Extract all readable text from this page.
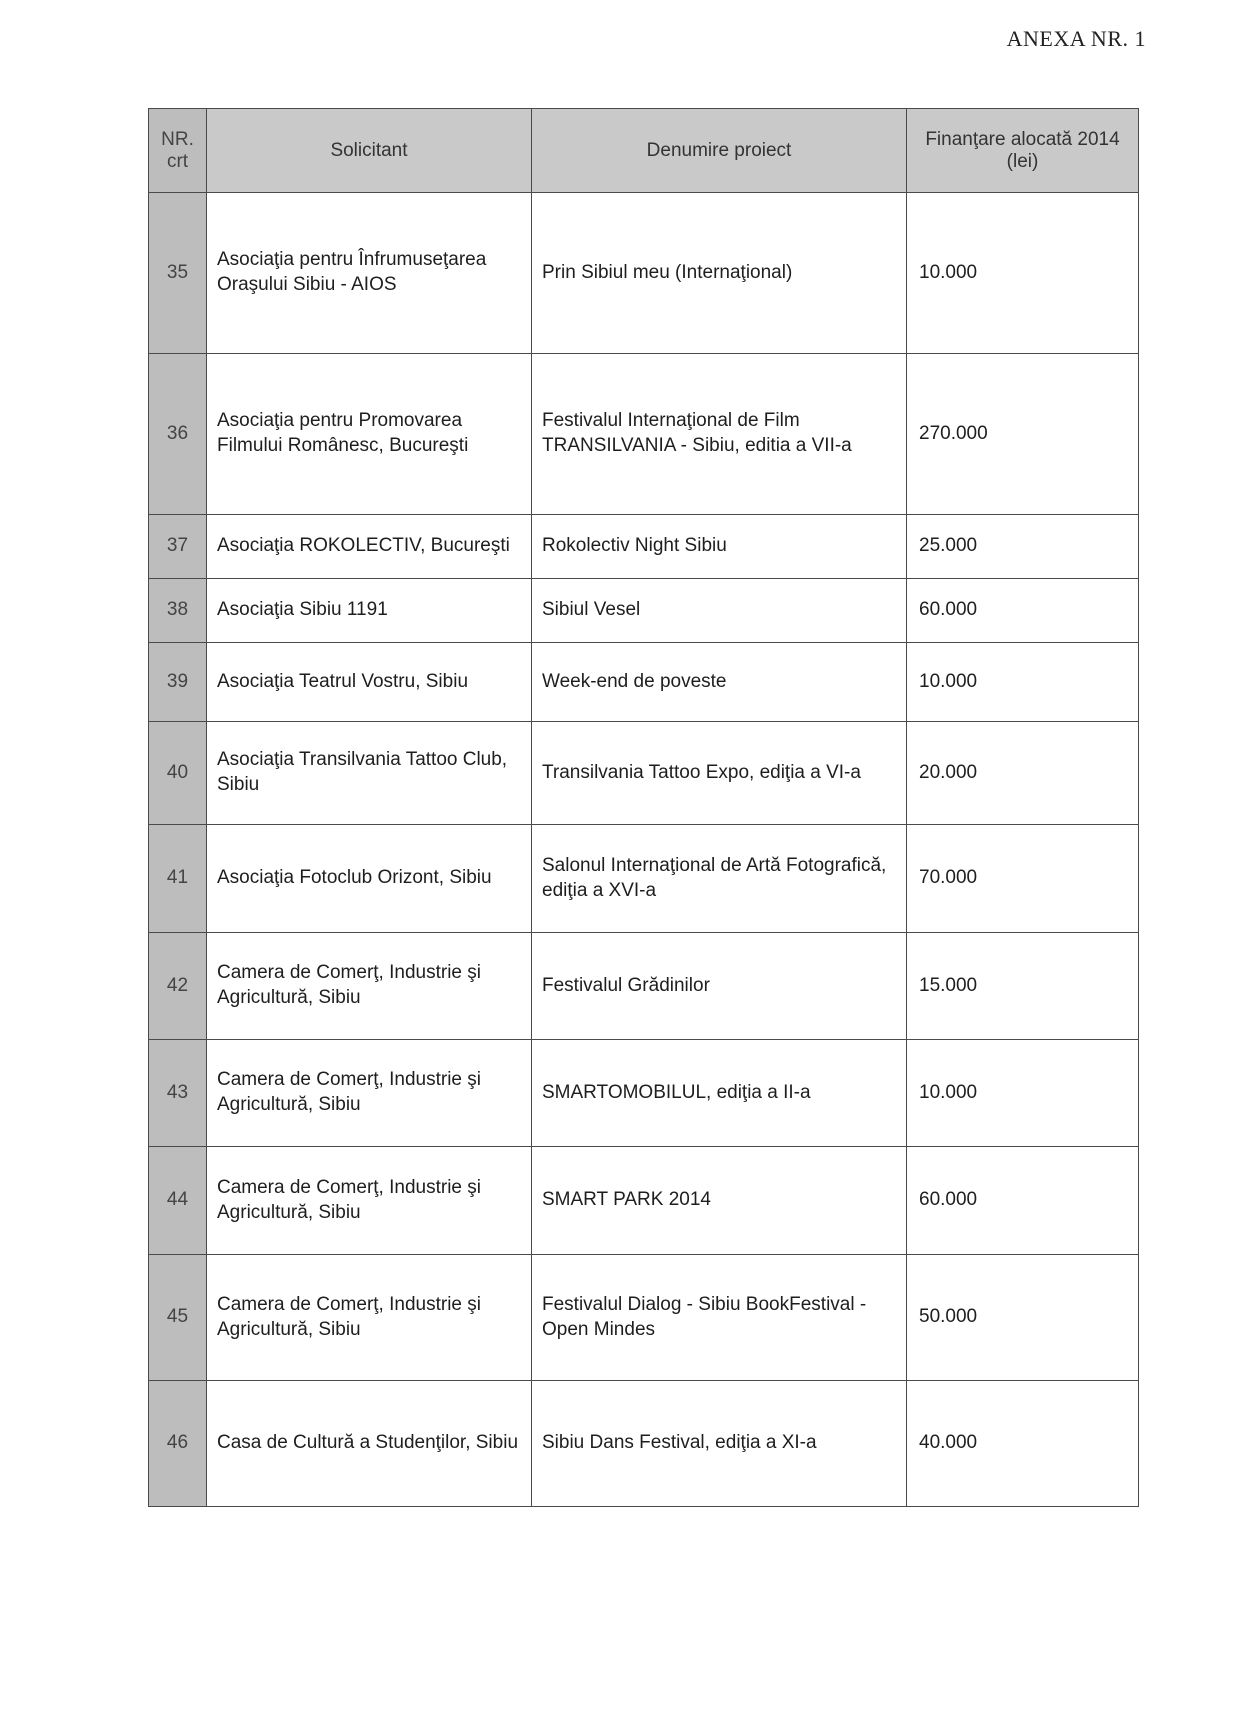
ANEXA NR. 1
NR. crt	Solicitant	Denumire proiect	Finanţare alocată 2014 (lei)
35	Asociaţia pentru Înfrumuseţarea Oraşului Sibiu - AIOS	Prin Sibiul meu (Internaţional)	10.000
36	Asociaţia pentru Promovarea Filmului Românesc, Bucureşti	Festivalul Internaţional de Film TRANSILVANIA - Sibiu, editia a VII-a	270.000
37	Asociaţia ROKOLECTIV, Bucureşti	Rokolectiv Night Sibiu	25.000
38	Asociaţia Sibiu 1191	Sibiul Vesel	60.000
39	Asociaţia Teatrul Vostru, Sibiu	Week-end de poveste	10.000
40	Asociaţia Transilvania Tattoo Club, Sibiu	Transilvania Tattoo Expo, ediţia a VI-a	20.000
41	Asociaţia Fotoclub Orizont, Sibiu	Salonul Internaţional de Artă Fotografică, ediţia a XVI-a	70.000
42	Camera de Comerţ, Industrie şi Agricultură, Sibiu	Festivalul Grădinilor	15.000
43	Camera de Comerţ, Industrie şi Agricultură, Sibiu	SMARTOMOBILUL, ediţia a II-a	10.000
44	Camera de Comerţ, Industrie şi Agricultură, Sibiu	SMART PARK 2014	60.000
45	Camera de Comerţ, Industrie şi Agricultură, Sibiu	Festivalul Dialog - Sibiu BookFestival - Open Mindes	50.000
46	Casa de Cultură a Studenţilor, Sibiu	Sibiu Dans Festival, ediţia a XI-a	40.000
